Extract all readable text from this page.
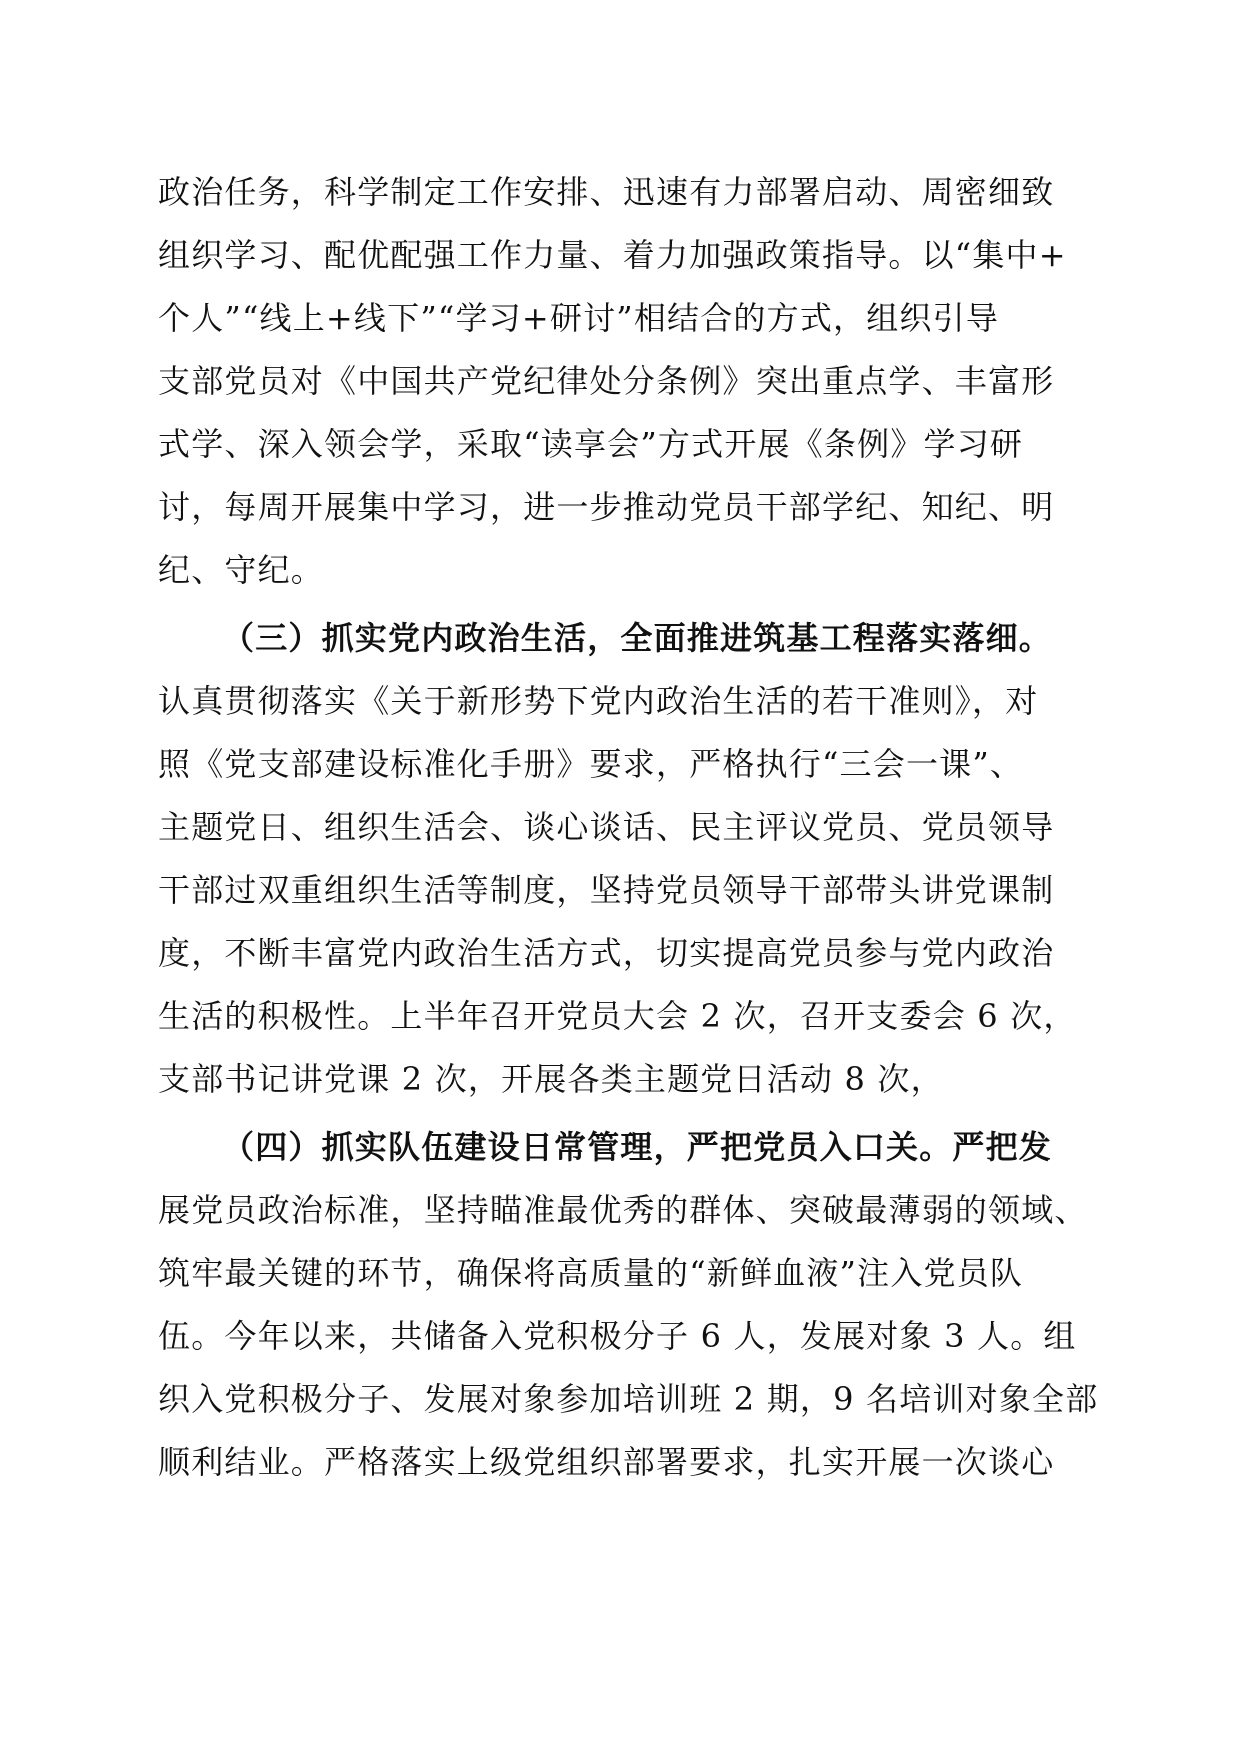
政治任务，科学制定工作安排、迅速有力部署启动、周密细致
组织学习、配优配强工作力量、着力加强政策指导。以“集中+
个人”“线上+线下”“学习+研讨”相结合的方式，组织引导
支部党员对《中国共产党纪律处分条例》突出重点学、丰富形
式学、深入领会学，采取“读享会”方式开展《条例》学习研
讨，每周开展集中学习，进一步推动党员干部学纪、知纪、明
纪、守纪。
（三）抓实党内政治生活，全面推进筑基工程落实落细。
认真贯彻落实《关于新形势下党内政治生活的若干准则》，对
照《党支部建设标准化手册》要求，严格执行“三会一课”、
主题党日、组织生活会、谈心谈话、民主评议党员、党员领导
干部过双重组织生活等制度，坚持党员领导干部带头讲党课制
度，不断丰富党内政治生活方式，切实提高党员参与党内政治
生活的积极性。上半年召开党员大会 2 次，召开支委会 6 次，
支部书记讲党课 2 次，开展各类主题党日活动 8 次，
（四）抓实队伍建设日常管理，严把党员入口关。严把发
展党员政治标准，坚持瞄准最优秀的群体、突破最薄弱的领域、
筑牢最关键的环节，确保将高质量的“新鲜血液”注入党员队
伍。今年以来，共储备入党积极分子 6 人，发展对象 3 人。组
织入党积极分子、发展对象参加培训班 2 期，9 名培训对象全部
顺利结业。严格落实上级党组织部署要求，扎实开展一次谈心
